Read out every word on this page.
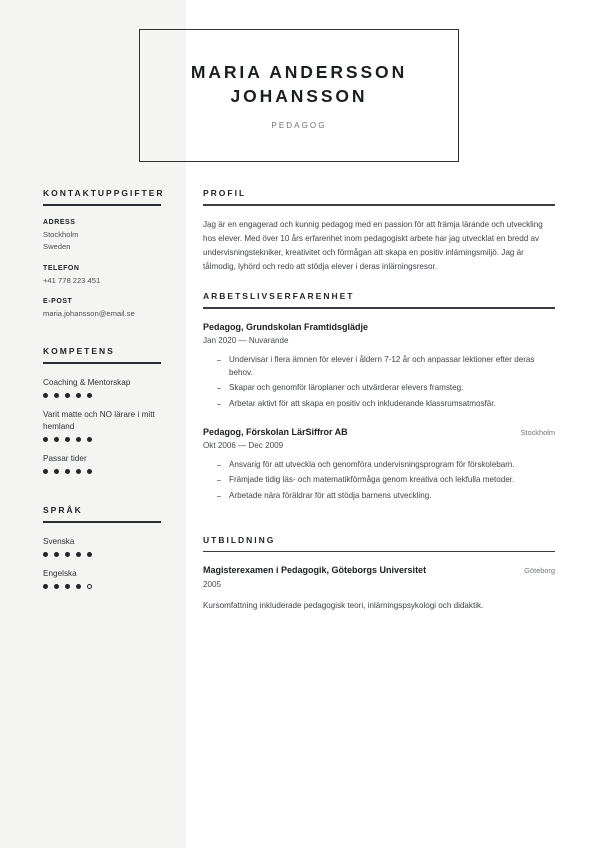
MARIA ANDERSSON JOHANSSON
PEDAGOG
KONTAKTUPPGIFTER
ADRESS
Stockholm
Sweden
TELEFON
+41 778 223 451
E-POST
maria.johansson@email.se
KOMPETENS
Coaching & Mentorskap
Varit matte och NO lärare i mitt hemland
Passar tider
SPRÅK
Svenska
Engelska
PROFIL
Jag är en engagerad och kunnig pedagog med en passion för att främja lärande och utveckling hos elever. Med över 10 års erfarenhet inom pedagogiskt arbete har jag utvecklat en bredd av undervisningstekniker, kreativitet och förmågan att skapa en positiv inlärningsmiljö. Jag är tålmodig, lyhörd och redo att stödja elever i deras inlärningsresor.
ARBETSLIVSERFARENHET
Pedagog, Grundskolan Framtidsglädje
Jan 2020 — Nuvarande
Undervisar i flera ämnen för elever i åldern 7-12 år och anpassar lektioner efter deras behov.
Skapar och genomför läroplaner och utvärderar elevers framsteg.
Arbetar aktivt för att skapa en positiv och inkluderande klassrumsatmosfär.
Pedagog, Förskolan LärSiffror AB	Stockholm
Okt 2006 — Dec 2009
Ansvarig för att utveckla och genomföra undervisningsprogram för förskolebarn.
Främjade tidig läs- och matematikförmåga genom kreativa och lekfulla metoder.
Arbetade nära föräldrar för att stödja barnens utveckling.
UTBILDNING
Magisterexamen i Pedagogik, Göteborgs Universitet	Göteborg
2005
Kursomfattning inkluderade pedagogisk teori, inlärningspsykologi och didaktik.
